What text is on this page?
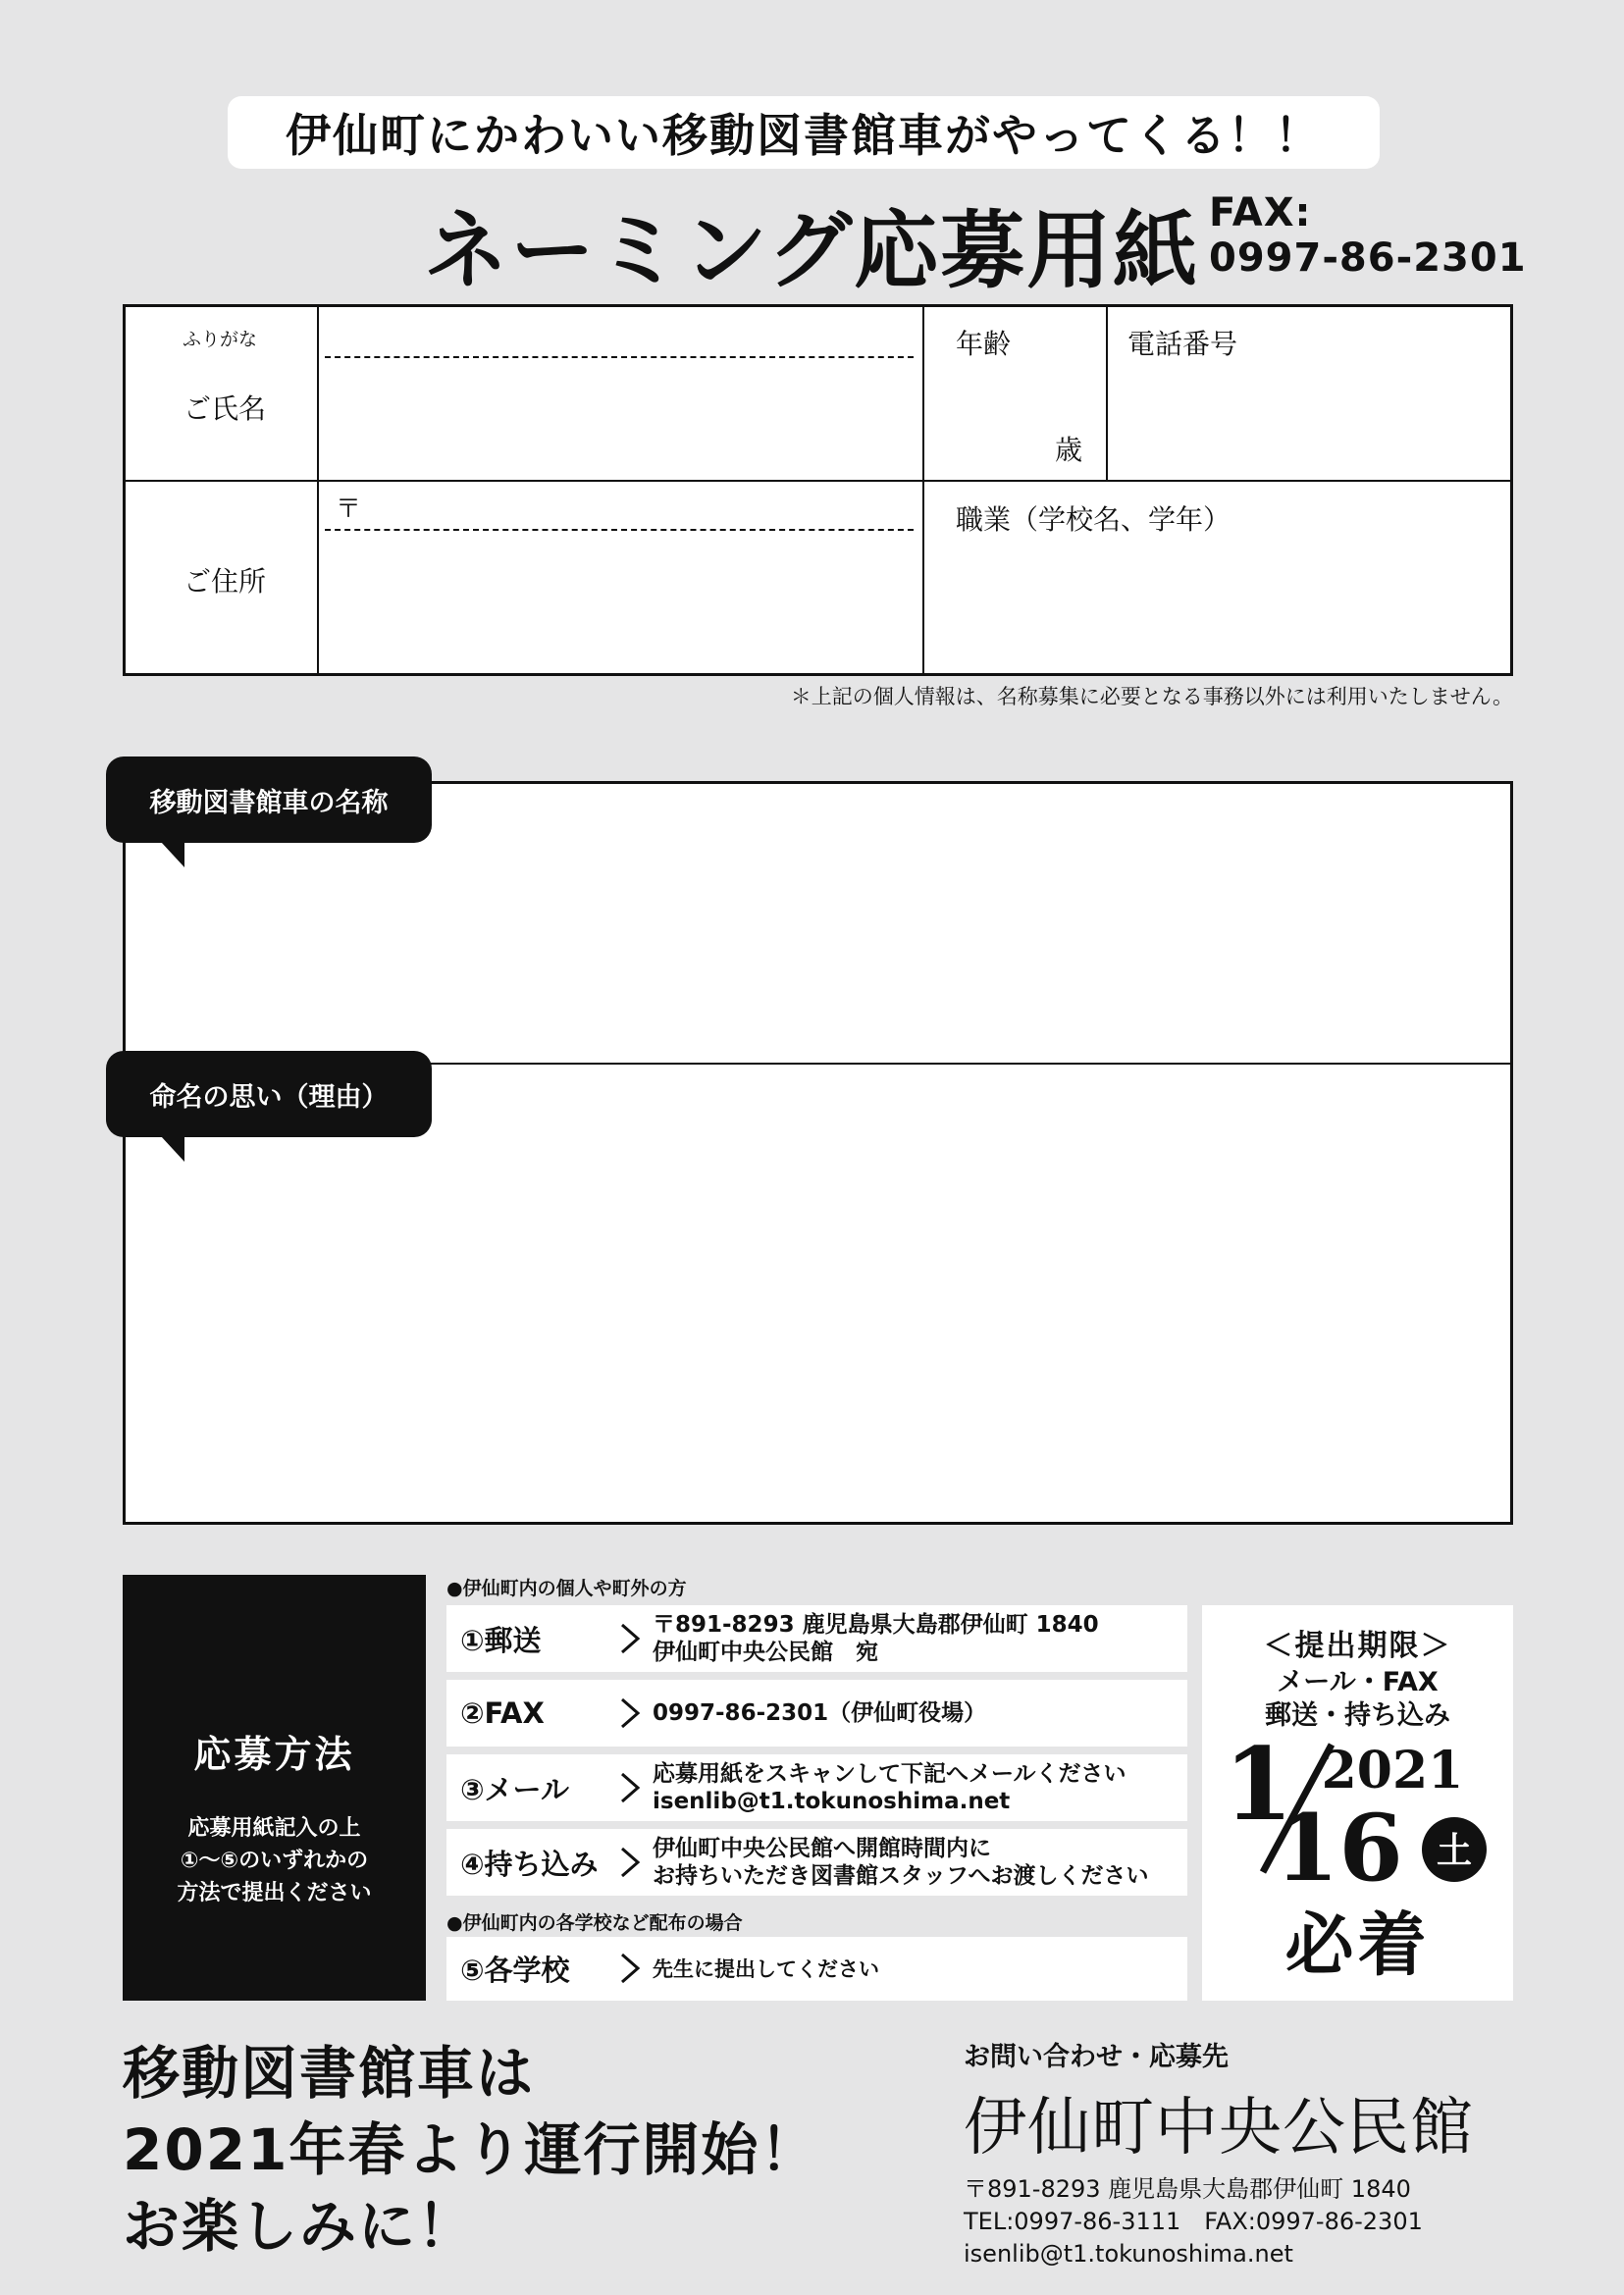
伊仙町にかわいい移動図書館車がやってくる！！
ネーミング応募用紙 FAX:
0997-86-2301
ふりがな
ご氏名
年齢
歳
電話番号
〒
ご住所
職業（学校名、学年）
＊上記の個人情報は、名称募集に必要となる事務以外には利用いたしません。
移動図書館車の名称
命名の思い（理由）
応募方法
応募用紙記入の上
①～⑤のいずれかの
方法で提出ください
●伊仙町内の個人や町外の方
①郵送	〒891-8293 鹿児島県大島郡伊仙町 1840
伊仙町中央公民館　宛
②FAX	0997-86-2301（伊仙町役場）
③メール	応募用紙をスキャンして下記へメールください
isenlib@t1.tokunoshima.net
④持ち込み 伊仙町中央公民館へ開館時間内に
お持ちいただき図書館スタッフへお渡しください
●伊仙町内の各学校など配布の場合
⑤各学校	先生に提出してください
＜提出期限＞
メール・FAX
郵送・持ち込み
1 2021
16 土
必着
移動図書館車は
2021年春より運行開始！
お楽しみに！
お問い合わせ・応募先
伊仙町中央公民館
〒891-8293 鹿児島県大島郡伊仙町 1840
TEL:0997-86-3111　FAX:0997-86-2301
isenlib@t1.tokunoshima.net
